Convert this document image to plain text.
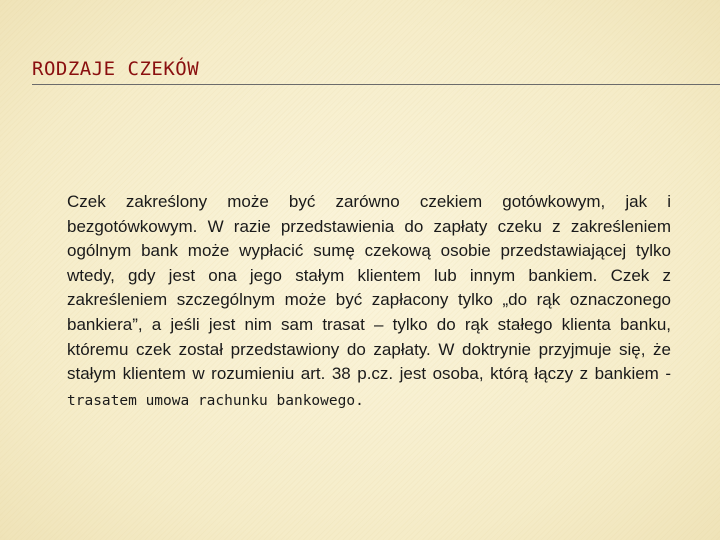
RODZAJE CZEKÓW

Czek zakreślony może być zarówno czekiem gotówkowym, jak i bezgotówkowym. W razie przedstawienia do zapłaty czeku z zakreśleniem ogólnym bank może wypłacić sumę czekową osobie przedstawiającej tylko wtedy, gdy jest ona jego stałym klientem lub innym bankiem. Czek z zakreśleniem szczególnym może być zapłacony tylko „do rąk oznaczonego bankiera”, a jeśli jest nim sam trasat – tylko do rąk stałego klienta banku, któremu czek został przedstawiony do zapłaty. W doktrynie przyjmuje się, że stałym klientem w rozumieniu art. 38 p.cz. jest osoba, którą łączy z bankiem - trasatem umowa rachunku bankowego.
